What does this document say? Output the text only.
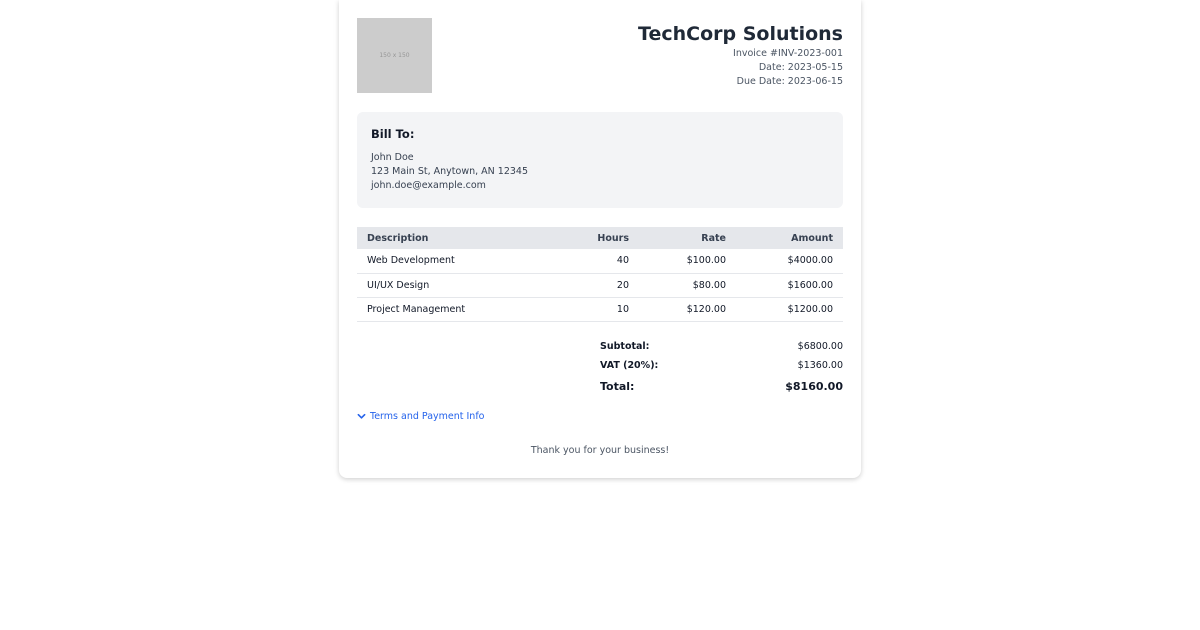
150 x 150
TechCorp Solutions
Invoice #INV-2023-001
Date: 2023-05-15
Due Date: 2023-06-15
Bill To:
John Doe
123 Main St, Anytown, AN 12345
john.doe@example.com
Description	Hours	Rate	Amount
Web Development	40	$100.00	$4000.00
UI/UX Design	20	$80.00	$1600.00
Project Management	10	$120.00	$1200.00
Subtotal:	$6800.00
VAT (20%):	$1360.00
Total:	$8160.00
Terms and Payment Info
Thank you for your business!
